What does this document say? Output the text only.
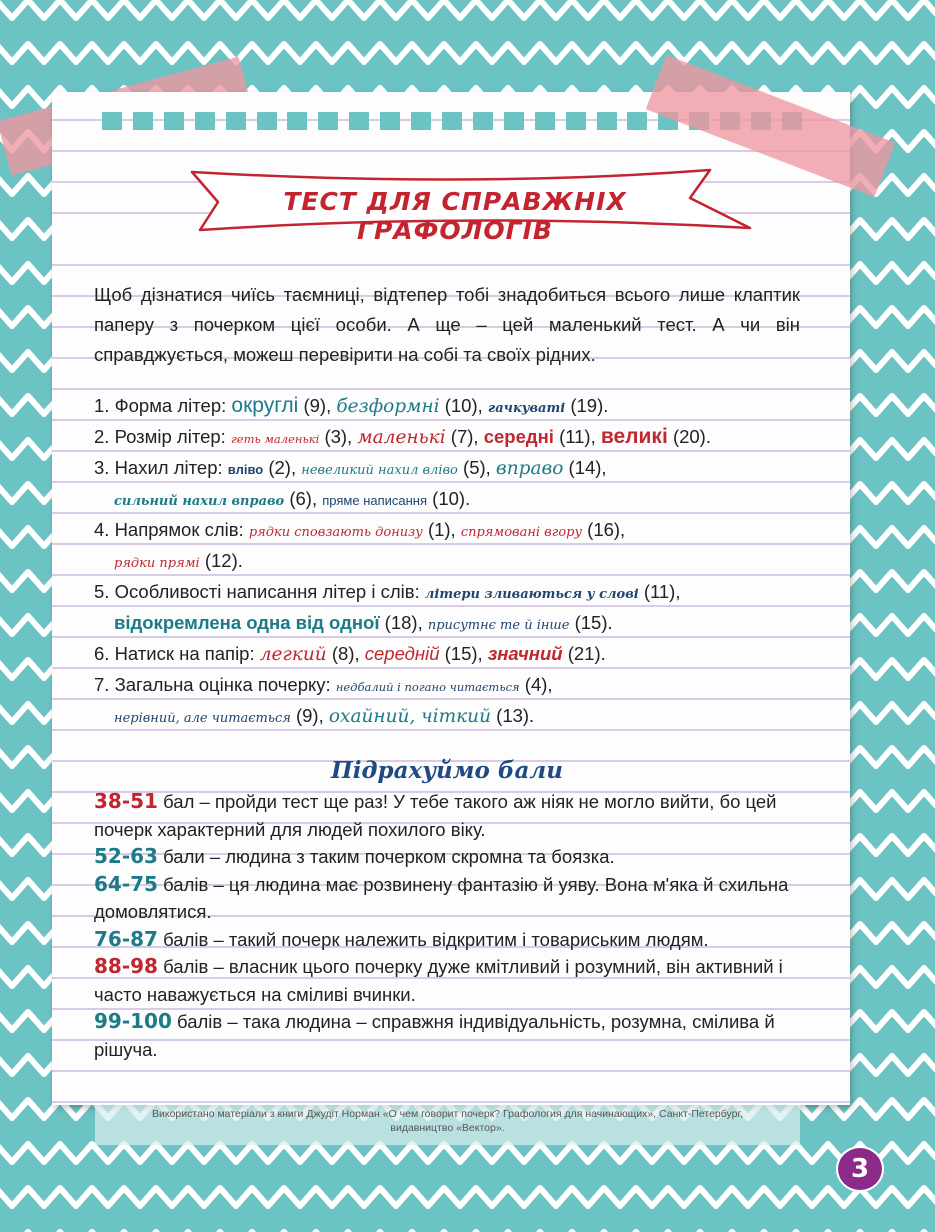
ТЕСТ ДЛЯ СПРАВЖНІХ ГРАФОЛОГІВ
Щоб дізнатися чиїсь таємниці, відтепер тобі знадобиться всього лише клаптик паперу з почерком цієї особи. А ще – цей маленький тест. А чи він справджується, можеш перевірити на собі та своїх рідних.
1. Форма літер: округлі (9), безформні (10), гачкуваті (19).
2. Розмір літер: геть маленькі (3), маленькі (7), середні (11), великі (20).
3. Нахил літер: вліво (2), невеликий нахил вліво (5), вправо (14),
сильний нахил вправо (6), пряме написання (10).
4. Напрямок слів: рядки сповзають донизу (1), спрямовані вгору (16),
рядки прямі (12).
5. Особливості написання літер і слів: літери зливаються у слові (11),
відокремлена одна від одної (18), присутнє те й інше (15).
6. Натиск на папір: легкий (8), середній (15), значний (21).
7. Загальна оцінка почерку: недбалий і погано читається (4),
нерівний, але читається (9), охайний, чіткий (13).
Підрахуймо бали
38-51 бал – пройди тест ще раз! У тебе такого аж ніяк не могло вийти, бо цей почерк характерний для людей похилого віку.
52-63 бали – людина з таким почерком скромна та боязка.
64-75 балів – ця людина має розвинену фантазію й уяву. Вона м'яка й схильна домовлятися.
76-87 балів – такий почерк належить відкритим і товариським людям.
88-98 балів – власник цього почерку дуже кмітливий і розумний, він активний і часто наважується на сміливі вчинки.
99-100 балів – така людина – справжня індивідуальність, розумна, смілива й рішуча.
Використано матеріали з книги Джудіт Норман «О чем говорит почерк? Графология для начинающих», Санкт-Петербург,
видавництво «Вектор».
3
